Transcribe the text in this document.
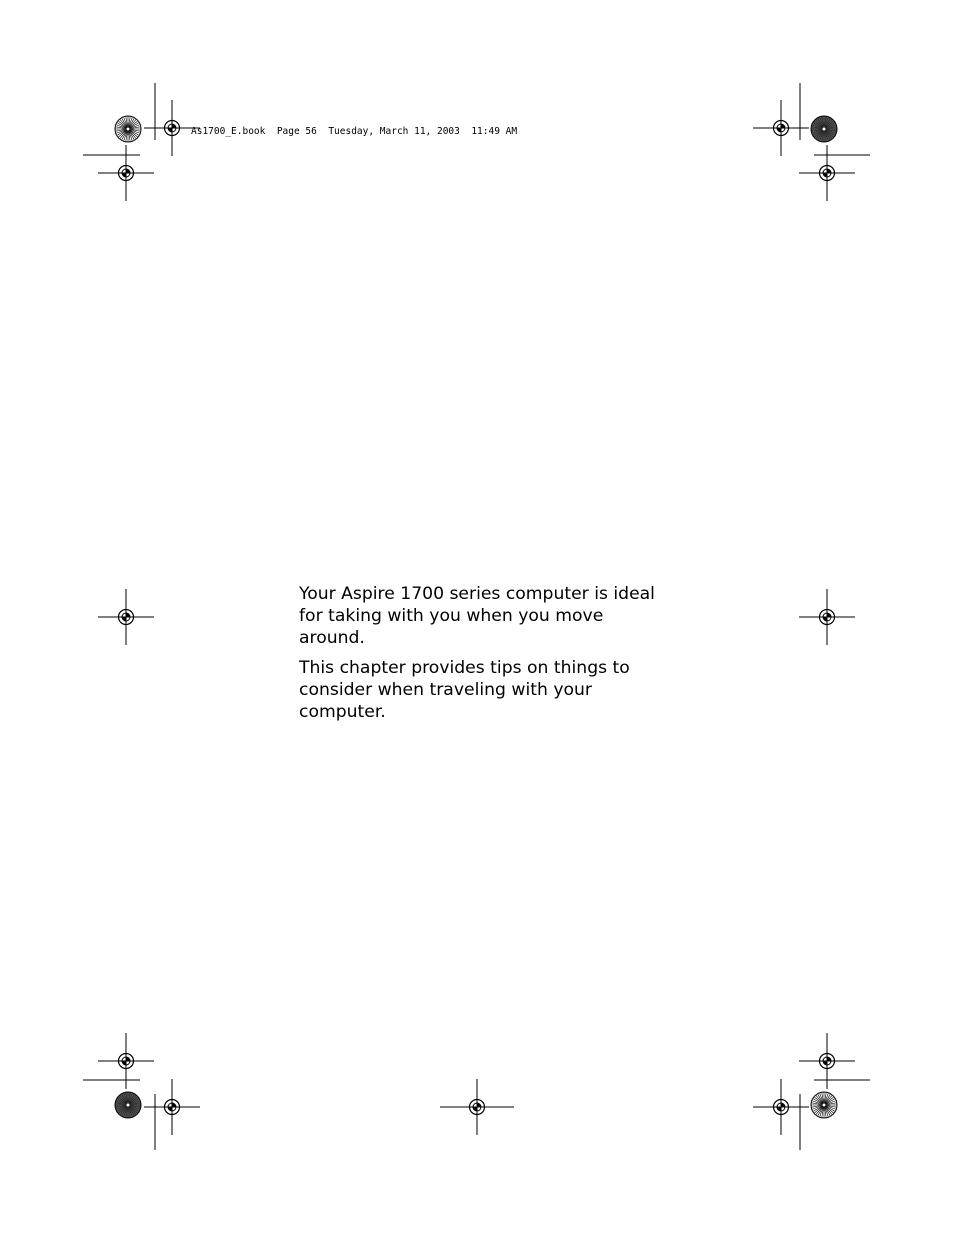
As1700_E.book Page 56 Tuesday, March 11, 2003 11:49 AM

Your Aspire 1700 series computer is ideal for taking with you when you move around.

This chapter provides tips on things to consider when traveling with your computer.
